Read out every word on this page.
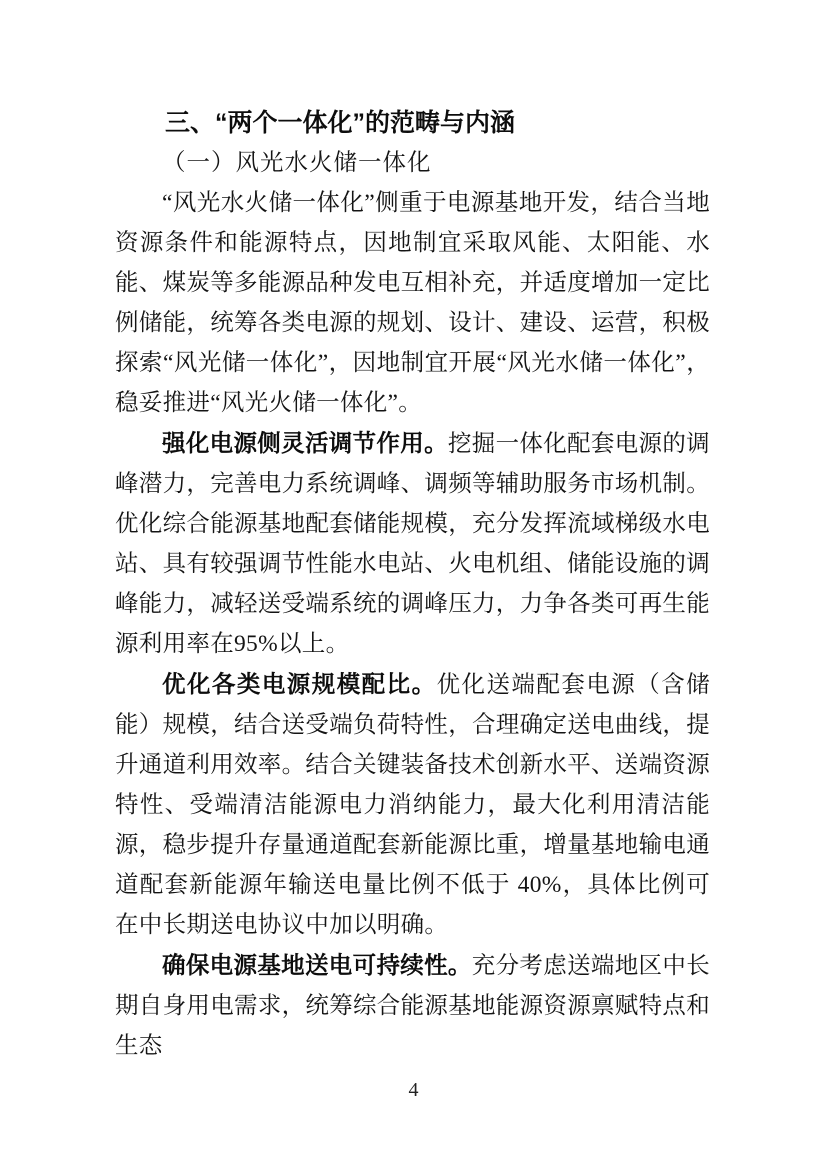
三、“两个一体化”的范畴与内涵
（一）风光水火储一体化

“风光水火储一体化”侧重于电源基地开发，结合当地资源条件和能源特点，因地制宜采取风能、太阳能、水能、煤炭等多能源品种发电互相补充，并适度增加一定比例储能，统筹各类电源的规划、设计、建设、运营，积极探索“风光储一体化”，因地制宜开展“风光水储一体化”，稳妥推进“风光火储一体化”。

强化电源侧灵活调节作用。挖掘一体化配套电源的调峰潜力，完善电力系统调峰、调频等辅助服务市场机制。优化综合能源基地配套储能规模，充分发挥流域梯级水电站、具有较强调节性能水电站、火电机组、储能设施的调峰能力，减轻送受端系统的调峰压力，力争各类可再生能源利用率在95%以上。

优化各类电源规模配比。优化送端配套电源（含储能）规模，结合送受端负荷特性，合理确定送电曲线，提升通道利用效率。结合关键装备技术创新水平、送端资源特性、受端清洁能源电力消纳能力，最大化利用清洁能源，稳步提升存量通道配套新能源比重，增量基地输电通道配套新能源年输送电量比例不低于 40%，具体比例可在中长期送电协议中加以明确。

确保电源基地送电可持续性。充分考虑送端地区中长期自身用电需求，统筹综合能源基地能源资源禀赋特点和生态

4
